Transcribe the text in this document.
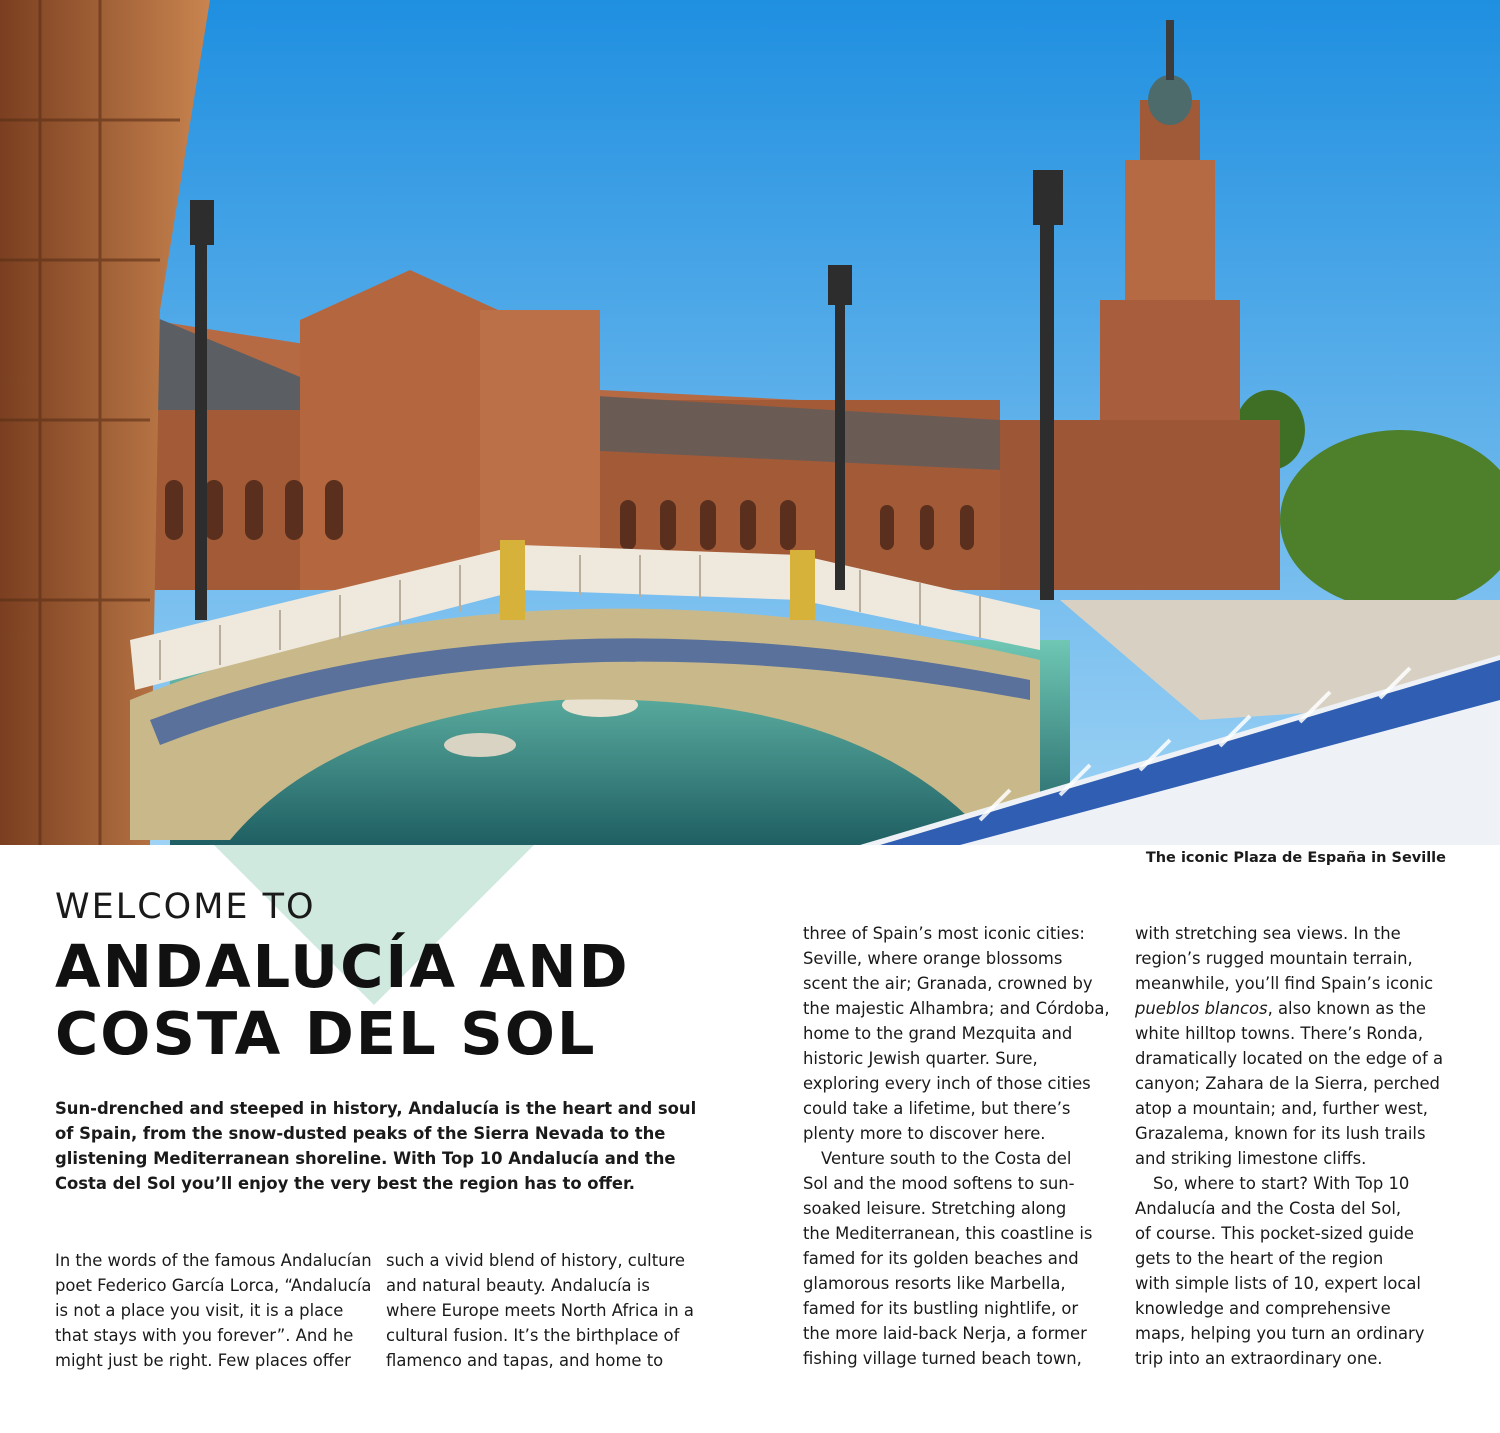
The iconic Plaza de España in Seville
WELCOME TO
ANDALUCÍA AND
COSTA DEL SOL
Sun-drenched and steeped in history, Andalucía is the heart and soul of Spain, from the snow-dusted peaks of the Sierra Nevada to the glistening Mediterranean shoreline. With Top 10 Andalucía and the Costa del Sol you’ll enjoy the very best the region has to offer.

In the words of the famous Andalucían
poet Federico García Lorca, “Andalucía
is not a place you visit, it is a place
that stays with you forever”. And he
might just be right. Few places offer

such a vivid blend of history, culture
and natural beauty. Andalucía is
where Europe meets North Africa in a
cultural fusion. It’s the birthplace of
flamenco and tapas, and home to

three of Spain’s most iconic cities:
Seville, where orange blossoms
scent the air; Granada, crowned by
the majestic Alhambra; and Córdoba,
home to the grand Mezquita and
historic Jewish quarter. Sure,
exploring every inch of those cities
could take a lifetime, but there’s
plenty more to discover here.

Venture south to the Costa del

Sol and the mood softens to sun-
soaked leisure. Stretching along
the Mediterranean, this coastline is
famed for its golden beaches and
glamorous resorts like Marbella,
famed for its bustling nightlife, or
the more laid-back Nerja, a former
fishing village turned beach town,

with stretching sea views. In the
region’s rugged mountain terrain,
meanwhile, you’ll find Spain’s iconic
pueblos blancos, also known as the
white hilltop towns. There’s Ronda,
dramatically located on the edge of a
canyon; Zahara de la Sierra, perched
atop a mountain; and, further west,
Grazalema, known for its lush trails
and striking limestone cliffs.

So, where to start? With Top 10

Andalucía and the Costa del Sol,
of course. This pocket-sized guide
gets to the heart of the region
with simple lists of 10, expert local
knowledge and comprehensive
maps, helping you turn an ordinary
trip into an extraordinary one.
